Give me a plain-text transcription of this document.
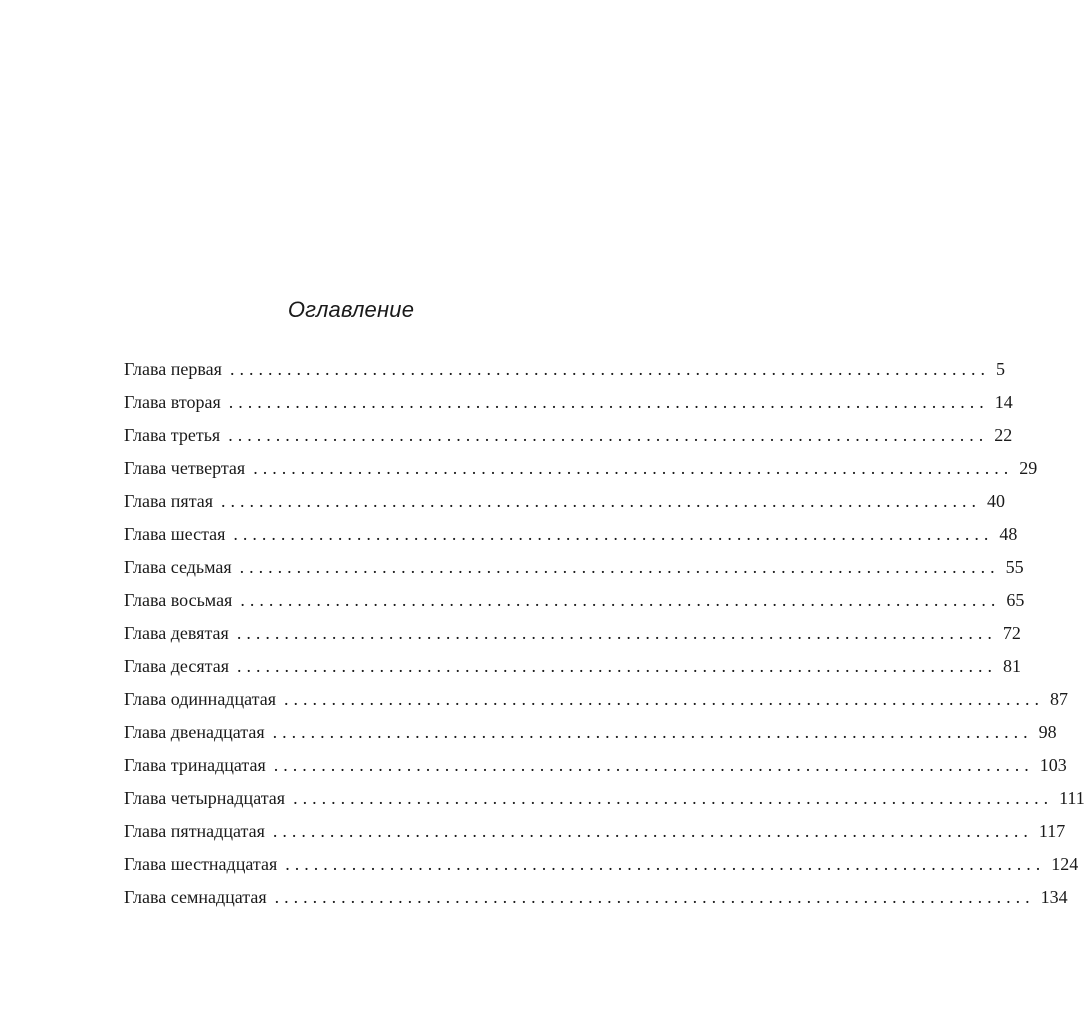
Оглавление
Глава первая ................................................................................ 5
Глава вторая ................................................................................ 14
Глава третья ................................................................................ 22
Глава четвертая ................................................................................ 29
Глава пятая ................................................................................ 40
Глава шестая ................................................................................ 48
Глава седьмая ................................................................................ 55
Глава восьмая ................................................................................ 65
Глава девятая ................................................................................ 72
Глава десятая ................................................................................ 81
Глава одиннадцатая ................................................................................ 87
Глава двенадцатая ................................................................................ 98
Глава тринадцатая ................................................................................ 103
Глава четырнадцатая ................................................................................ 111
Глава пятнадцатая ................................................................................ 117
Глава шестнадцатая ................................................................................ 124
Глава семнадцатая ................................................................................ 134
